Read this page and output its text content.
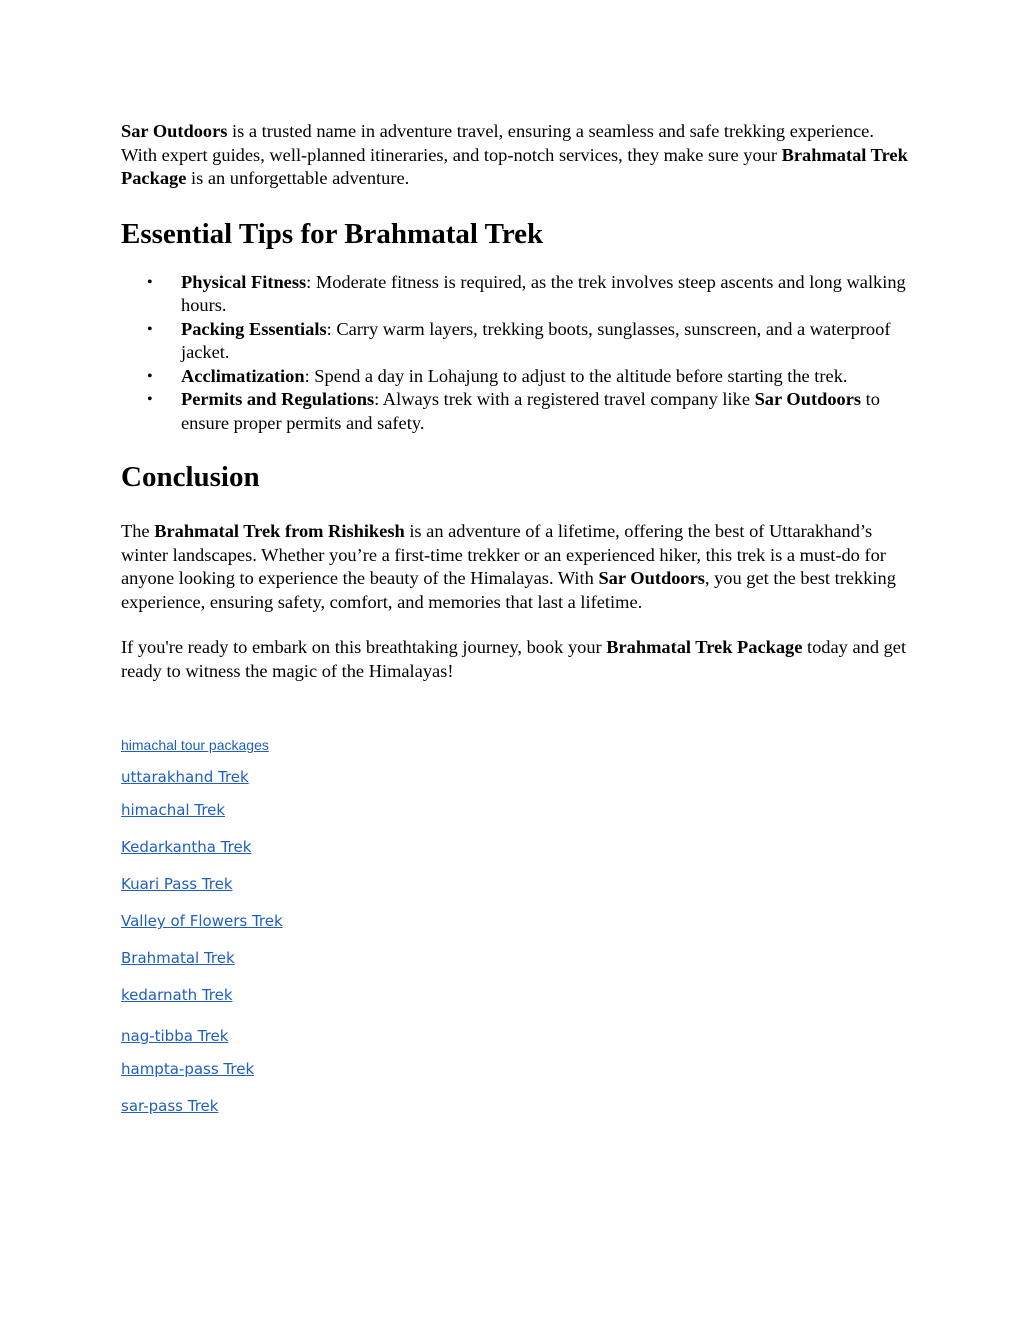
Sar Outdoors is a trusted name in adventure travel, ensuring a seamless and safe trekking experience. With expert guides, well-planned itineraries, and top-notch services, they make sure your Brahmatal Trek Package is an unforgettable adventure.

Essential Tips for Brahmatal Trek
• Physical Fitness: Moderate fitness is required, as the trek involves steep ascents and long walking hours.
• Packing Essentials: Carry warm layers, trekking boots, sunglasses, sunscreen, and a waterproof jacket.
• Acclimatization: Spend a day in Lohajung to adjust to the altitude before starting the trek.
• Permits and Regulations: Always trek with a registered travel company like Sar Outdoors to ensure proper permits and safety.
Conclusion

The Brahmatal Trek from Rishikesh is an adventure of a lifetime, offering the best of Uttarakhand’s winter landscapes. Whether you’re a first-time trekker or an experienced hiker, this trek is a must-do for anyone looking to experience the beauty of the Himalayas. With Sar Outdoors, you get the best trekking experience, ensuring safety, comfort, and memories that last a lifetime.

If you're ready to embark on this breathtaking journey, book your Brahmatal Trek Package today and get ready to witness the magic of the Himalayas!

himachal tour packages
uttarakhand Trek
himachal Trek
Kedarkantha Trek
Kuari Pass Trek
Valley of Flowers Trek
Brahmatal Trek
kedarnath Trek
nag-tibba Trek
hampta-pass Trek
sar-pass Trek
